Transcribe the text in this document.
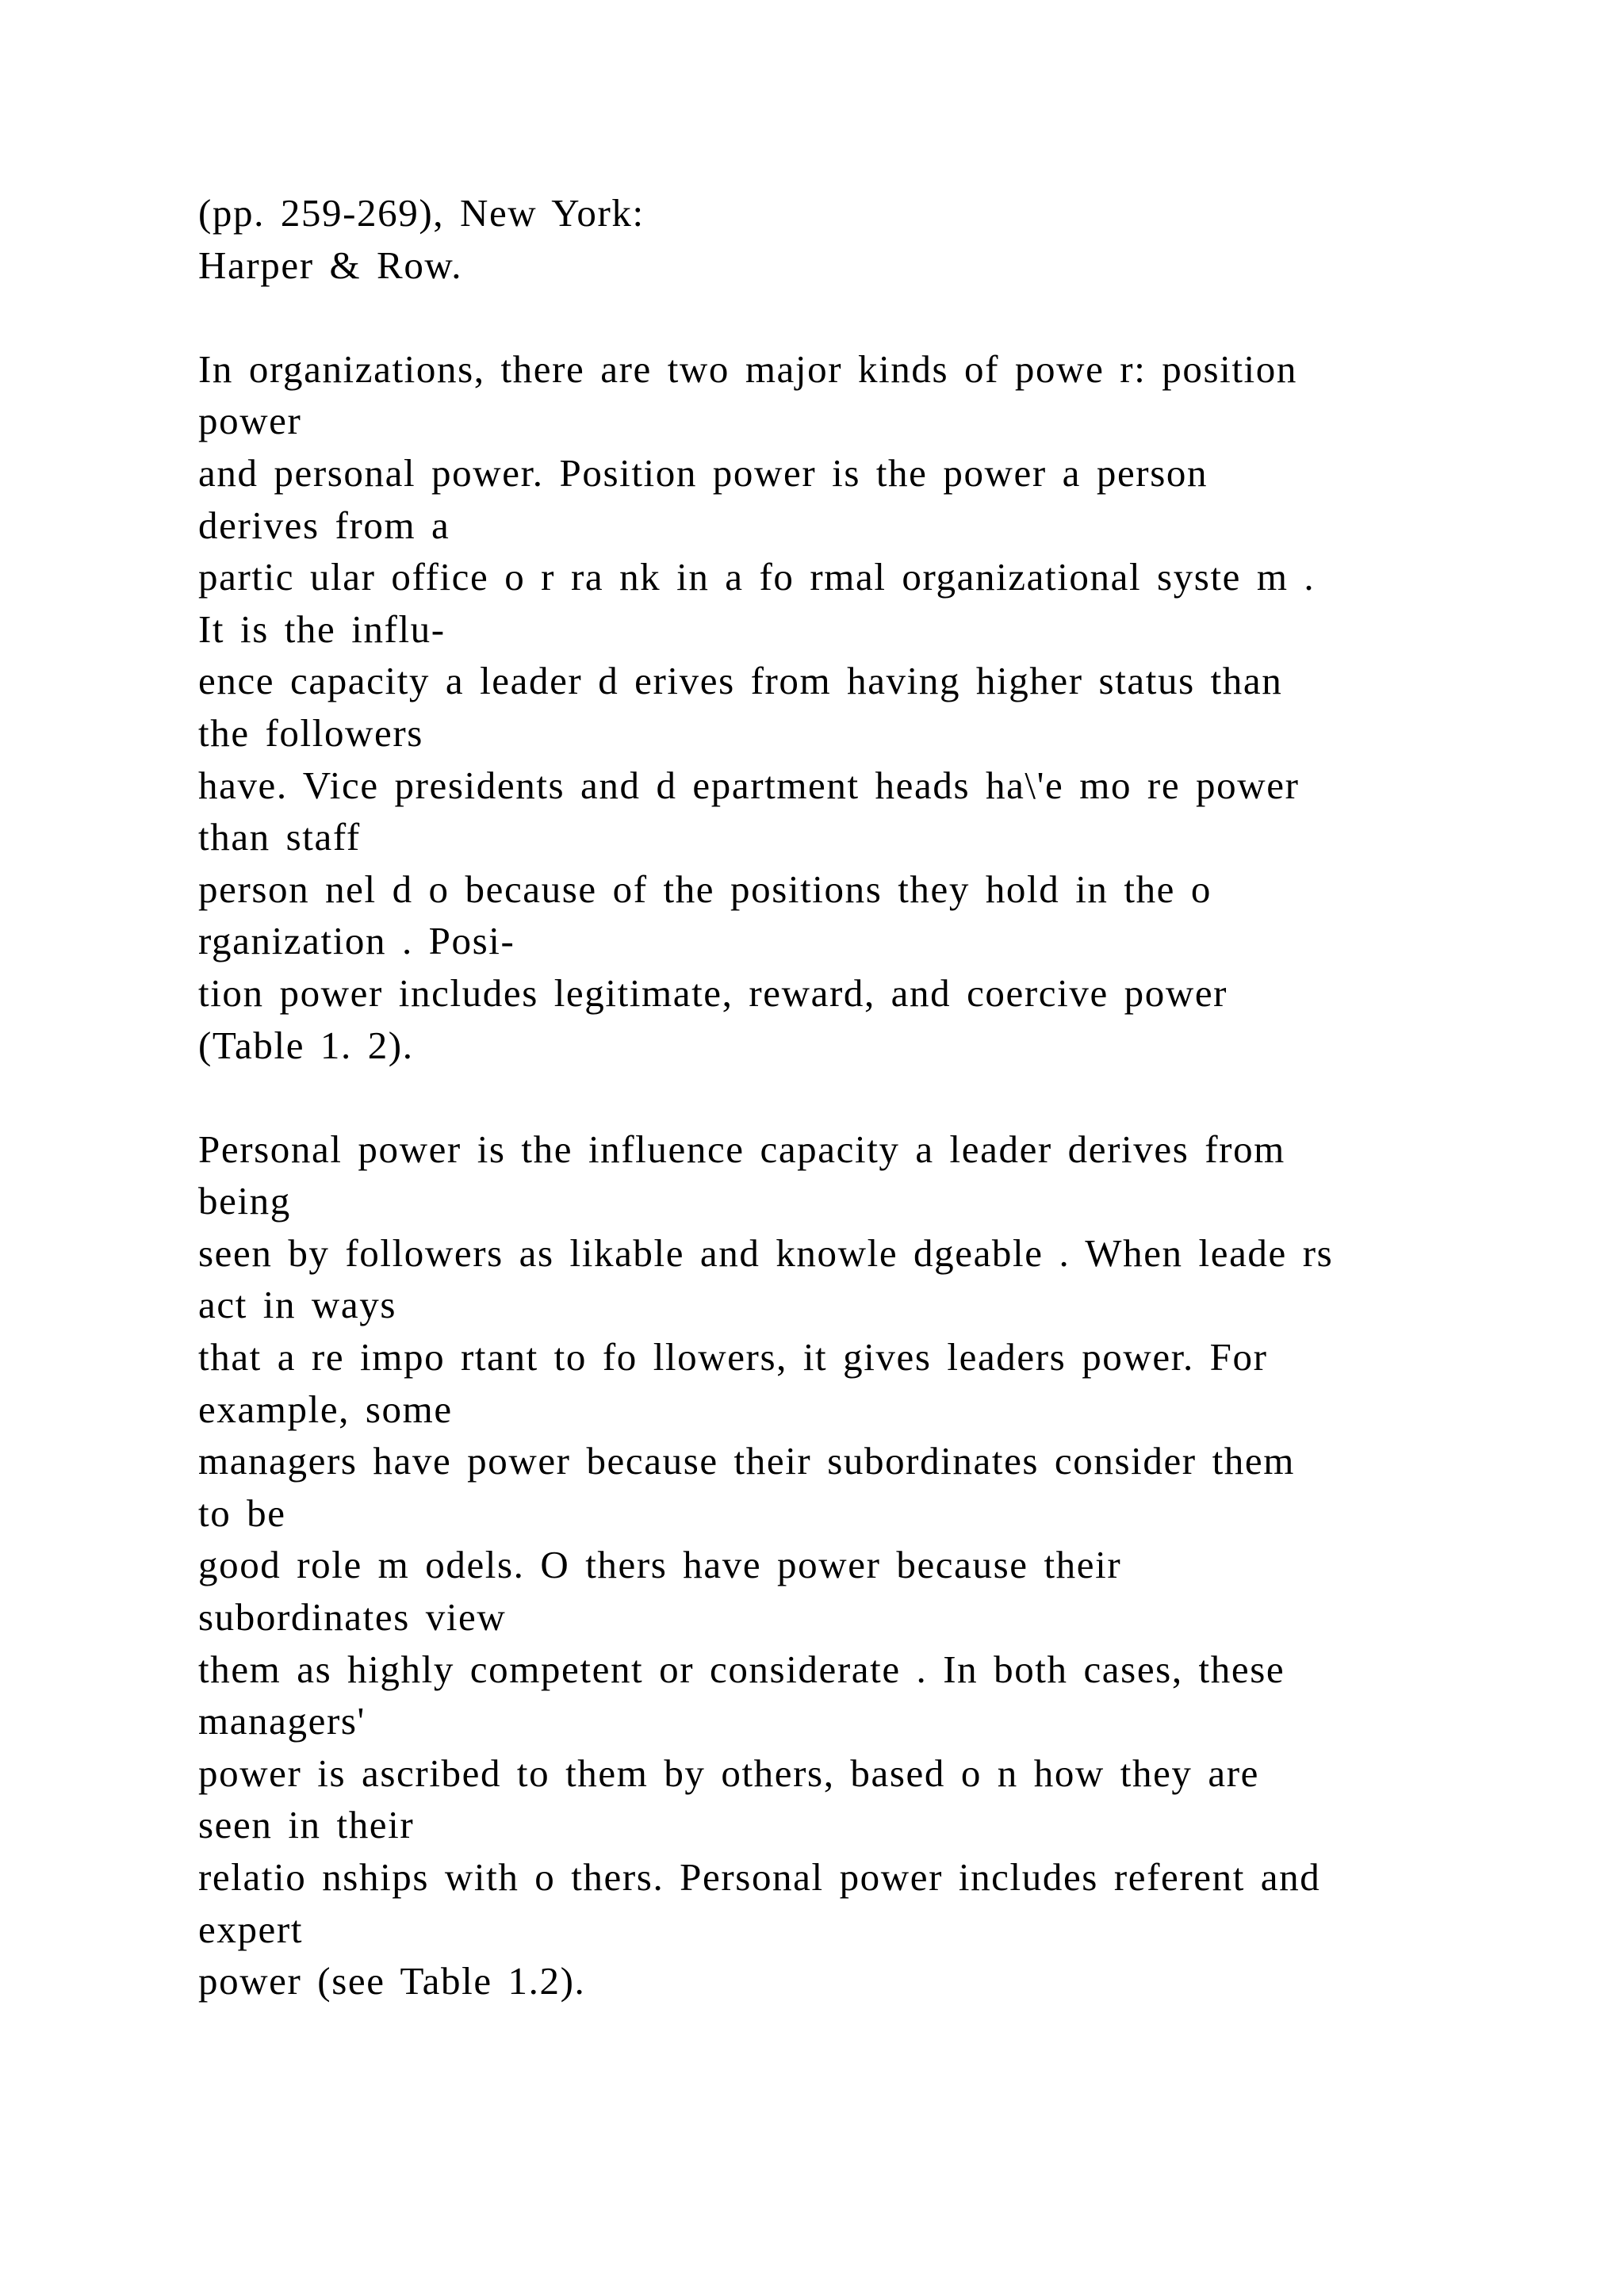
(pp. 259-269), New York:
Harper & Row.
In organizations, there are two major kinds of powe r: position
power
and personal power. Position power is the power a person
derives from a
partic ular office o r ra nk in a fo rmal organizational syste m .
It is the influ-
ence capacity a leader d erives from having higher status than
the followers
have. Vice presidents and d epartment heads ha\'e mo re power
than staff
person nel d o because of the positions they hold in the o
rganization . Posi-
tion power includes legitimate, reward, and coercive power
(Table 1. 2).
Personal power is the influence capacity a leader derives from
being
seen by followers as likable and knowle dgeable . When leade rs
act in ways
that a re impo rtant to fo llowers, it gives leaders power. For
example, some
managers have power because their subordinates consider them
to be
good role m odels. O thers have power because their
subordinates view
them as highly competent or considerate . In both cases, these
managers'
power is ascribed to them by others, based o n how they are
seen in their
relatio nships with o thers. Personal power includes referent and
expert
power (see Table 1.2).
